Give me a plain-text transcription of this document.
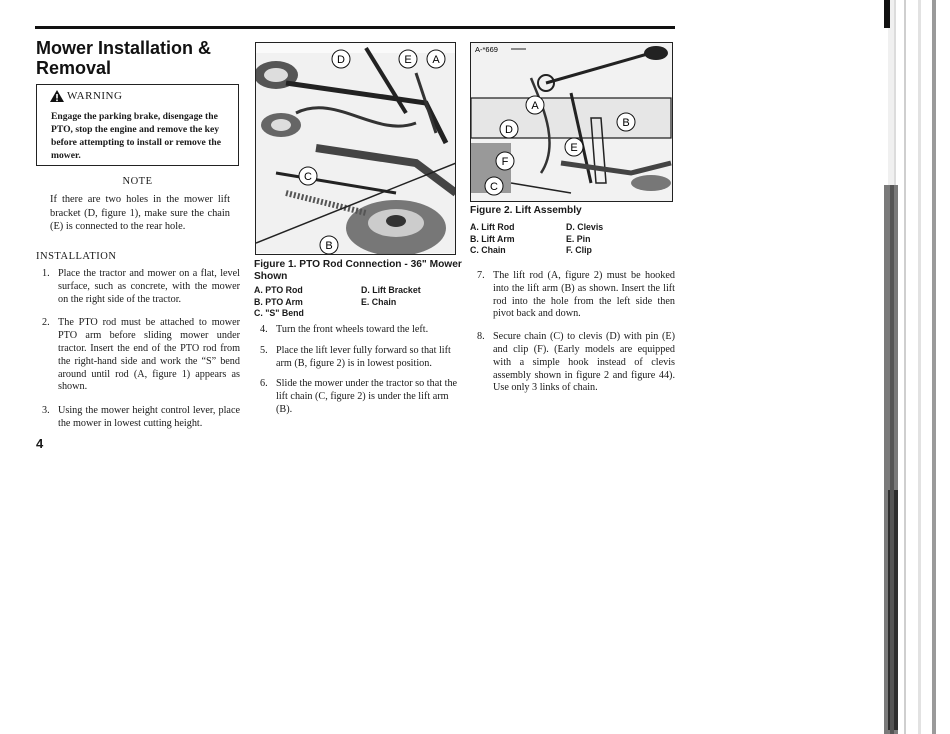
Mower Installation & Removal
WARNING
Engage the parking brake, disengage the PTO, stop the engine and remove the key before attempting to install or remove the mower.
NOTE
If there are two holes in the mower lift bracket (D, figure 1), make sure the chain (E) is connected to the rear hole.
INSTALLATION
1. Place the tractor and mower on a flat, level surface, such as concrete, with the mower on the right side of the tractor.
2. The PTO rod must be attached to mower PTO arm before sliding mower under tractor. Insert the end of the PTO rod from the right-hand side and work the “S” bend around until rod (A, figure 1) appears as shown.
3. Using the mower height control lever, place the mower in lowest cutting height.
4
D	E A
C
B
Figure 1. PTO Rod Connection - 36" Mower Shown
A. PTO Rod
B. PTO Arm
C. "S" Bend
D. Lift Bracket
E. Chain
4. Turn the front wheels toward the left.
5. Place the lift lever fully forward so that lift arm (B, figure 2) is in lowest position.
6. Slide the mower under the tractor so that the lift chain (C, figure 2) is under the lift arm (B).
A-*669
A
B
D
E
F
C
Figure 2. Lift Assembly
A. Lift Rod
B. Lift Arm
C. Chain
D. Clevis
E. Pin
F. Clip
7. The lift rod (A, figure 2) must be hooked into the lift arm (B) as shown. Insert the lift rod into the hole from the left side then pivot back and down.
8. Secure chain (C) to clevis (D) with pin (E) and clip (F). (Early models are equipped with a simple hook instead of clevis assembly shown in figure 2 and figure 44). Use only 3 links of chain.
